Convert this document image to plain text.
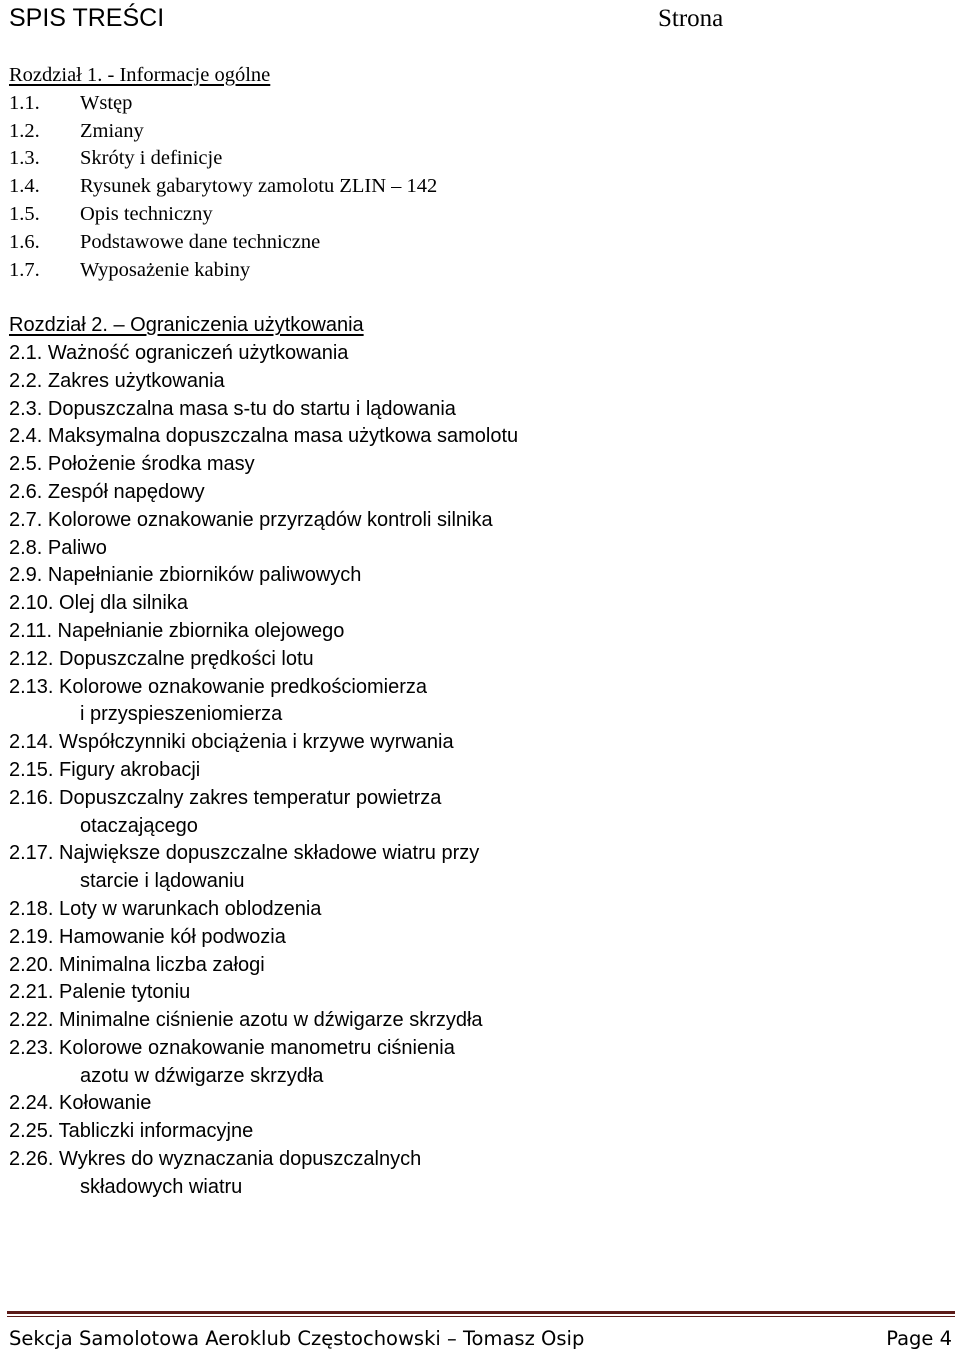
SPIS TREŚCI	Strona
Rozdział 1. - Informacje ogólne
1.1. Wstęp
1.2. Zmiany
1.3. Skróty i definicje
1.4. Rysunek gabarytowy zamolotu ZLIN – 142
1.5. Opis techniczny
1.6. Podstawowe dane techniczne
1.7. Wyposażenie kabiny
Rozdział 2. – Ograniczenia użytkowania
2.1. Ważność ograniczeń użytkowania
2.2. Zakres użytkowania
2.3. Dopuszczalna masa s-tu do startu i lądowania
2.4. Maksymalna dopuszczalna masa użytkowa samolotu
2.5. Położenie środka masy
2.6. Zespół napędowy
2.7. Kolorowe oznakowanie przyrządów kontroli silnika
2.8. Paliwo
2.9. Napełnianie zbiorników paliwowych
2.10. Olej dla silnika
2.11. Napełnianie zbiornika olejowego
2.12. Dopuszczalne prędkości lotu
2.13. Kolorowe oznakowanie predkościomierza
i przyspieszeniomierza
2.14. Współczynniki obciążenia i krzywe wyrwania
2.15. Figury akrobacji
2.16. Dopuszczalny zakres temperatur powietrza
otaczającego
2.17. Największe dopuszczalne składowe wiatru przy
starcie i lądowaniu
2.18. Loty w warunkach oblodzenia
2.19. Hamowanie kół podwozia
2.20. Minimalna liczba załogi
2.21. Palenie tytoniu
2.22. Minimalne ciśnienie azotu w dźwigarze skrzydła
2.23. Kolorowe oznakowanie manometru ciśnienia
azotu w dźwigarze skrzydła
2.24. Kołowanie
2.25. Tabliczki informacyjne
2.26. Wykres do wyznaczania dopuszczalnych
składowych wiatru
Sekcja Samolotowa Aeroklub Częstochowski – Tomasz Osip	Page 4
